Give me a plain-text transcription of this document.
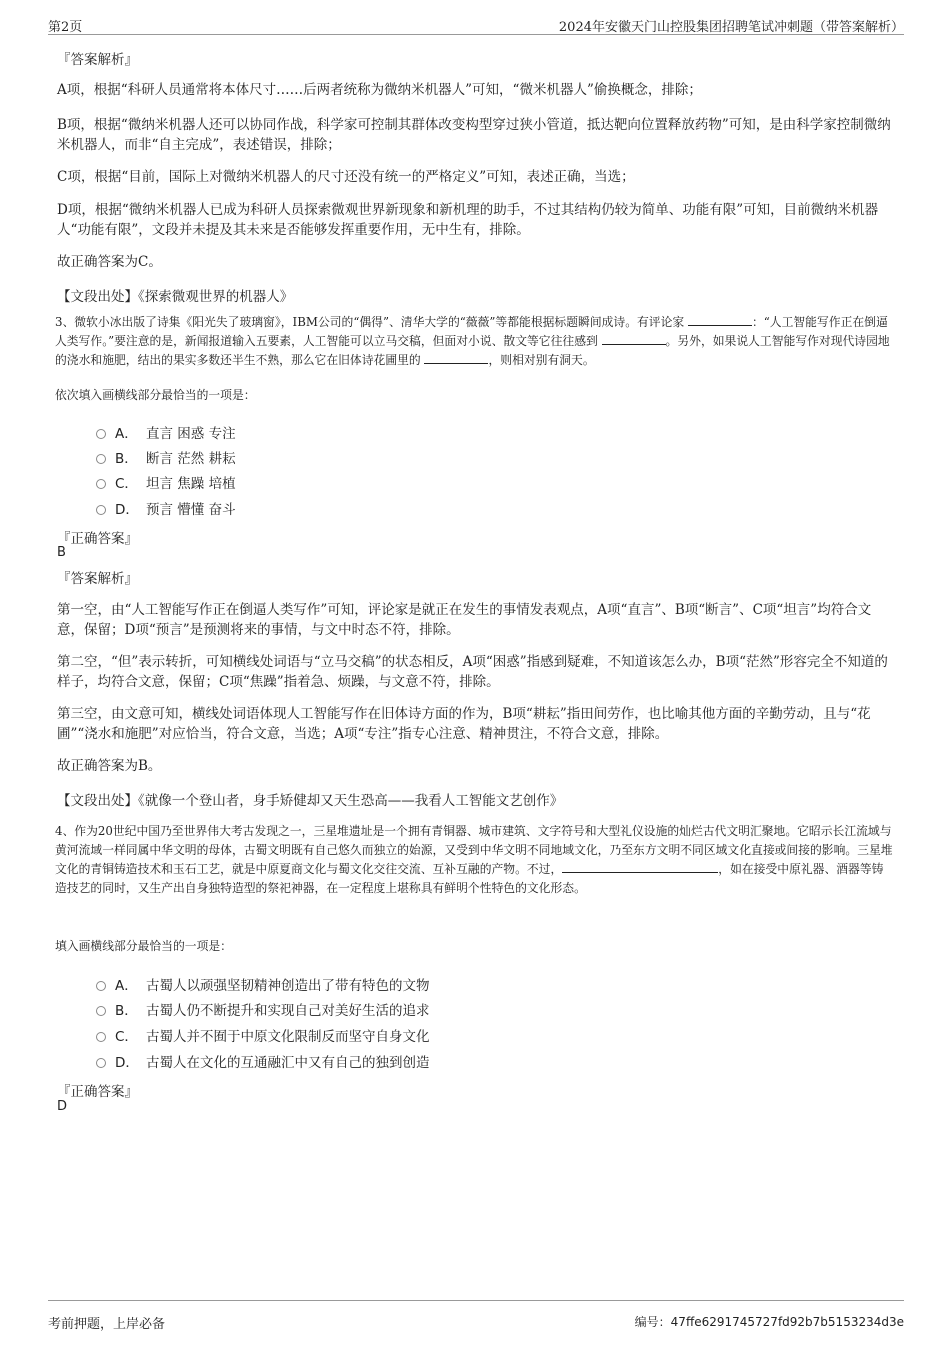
第2页	2024年安徽天门山控股集团招聘笔试冲刺题（带答案解析）
『答案解析』
A项，根据“科研人员通常将本体尺寸……后两者统称为微纳米机器人”可知，“微米机器人”偷换概念，排除；
B项，根据“微纳米机器人还可以协同作战，科学家可控制其群体改变构型穿过狭小管道，抵达靶向位置释放药物”可知，是由科学家控制微纳米机器人，而非“自主完成”，表述错误，排除；
C项，根据“目前，国际上对微纳米机器人的尺寸还没有统一的严格定义”可知，表述正确，当选；
D项，根据“微纳米机器人已成为科研人员探索微观世界新现象和新机理的助手，不过其结构仍较为简单、功能有限”可知，目前微纳米机器人“功能有限”，文段并未提及其未来是否能够发挥重要作用，无中生有，排除。
故正确答案为C。
【文段出处】《探索微观世界的机器人》
3、微软小冰出版了诗集《阳光失了玻璃窗》，IBM公司的“偶得”、清华大学的“薇薇”等都能根据标题瞬间成诗。有评论家	：“人工智能写作正在倒逼人类写作。”要注意的是，新闻报道输入五要素，人工智能可以立马交稿，但面对小说、散文等它往往感到	。另外，如果说人工智能写作对现代诗园地的浇水和施肥，结出的果实多数还半生不熟，那么它在旧体诗花圃里的	，则相对别有洞天。
依次填入画横线部分最恰当的一项是：
A． 直言 困惑 专注
B． 断言 茫然 耕耘
C． 坦言 焦躁 培植
D． 预言 懵懂 奋斗
『正确答案』
B
『答案解析』
第一空，由“人工智能写作正在倒逼人类写作”可知，评论家是就正在发生的事情发表观点，A项“直言”、B项“断言”、C项“坦言”均符合文意，保留；D项“预言”是预测将来的事情，与文中时态不符，排除。
第二空，“但”表示转折，可知横线处词语与“立马交稿”的状态相反，A项“困惑”指感到疑难，不知道该怎么办，B项“茫然”形容完全不知道的样子，均符合文意，保留；C项“焦躁”指着急、烦躁，与文意不符，排除。
第三空，由文意可知，横线处词语体现人工智能写作在旧体诗方面的作为，B项“耕耘”指田间劳作，也比喻其他方面的辛勤劳动，且与“花圃”“浇水和施肥”对应恰当，符合文意，当选；A项“专注”指专心注意、精神贯注，不符合文意，排除。
故正确答案为B。
【文段出处】《就像一个登山者，身手矫健却又天生恐高——我看人工智能文艺创作》
4、作为20世纪中国乃至世界伟大考古发现之一，三星堆遗址是一个拥有青铜器、城市建筑、文字符号和大型礼仪设施的灿烂古代文明汇聚地。它昭示长江流域与黄河流域一样同属中华文明的母体，古蜀文明既有自己悠久而独立的始源，又受到中华文明不同地域文化，乃至东方文明不同区域文化直接或间接的影响。三星堆文化的青铜铸造技术和玉石工艺，就是中原夏商文化与蜀文化交往交流、互补互融的产物。不过，	，如在接受中原礼器、酒器等铸造技艺的同时，又生产出自身独特造型的祭祀神器，在一定程度上堪称具有鲜明个性特色的文化形态。
填入画横线部分最恰当的一项是：
A． 古蜀人以顽强坚韧精神创造出了带有特色的文物
B． 古蜀人仍不断提升和实现自己对美好生活的追求
C． 古蜀人并不囿于中原文化限制反而坚守自身文化
D． 古蜀人在文化的互通融汇中又有自己的独到创造
『正确答案』
D
考前押题，上岸必备	编号：47ffe6291745727fd92b7b5153234d3e
